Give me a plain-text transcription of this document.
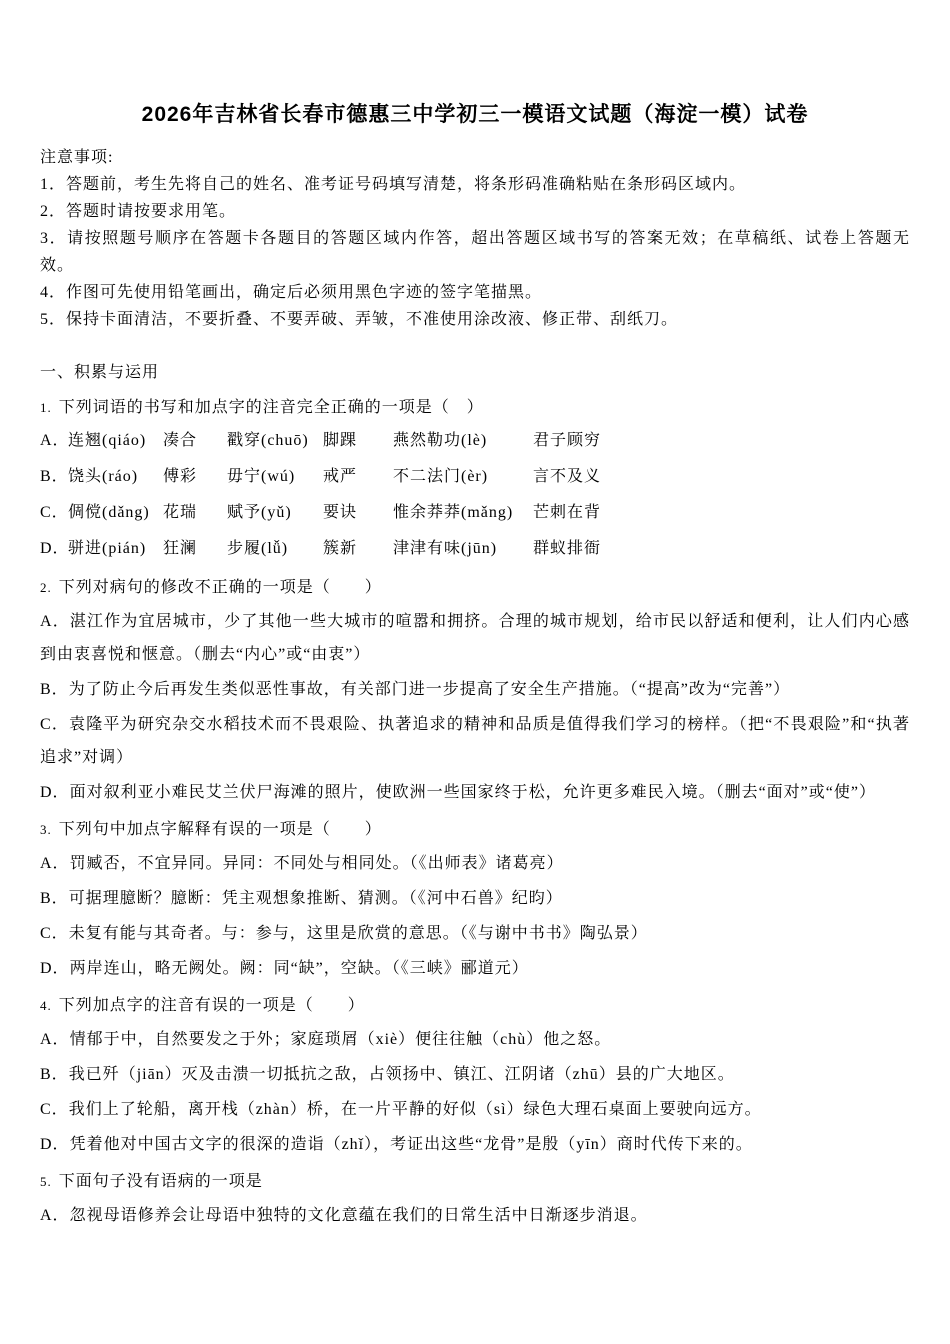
2026年吉林省长春市德惠三中学初三一模语文试题（海淀一模）试卷
注意事项:
1．答题前，考生先将自己的姓名、准考证号码填写清楚，将条形码准确粘贴在条形码区域内。
2．答题时请按要求用笔。
3．请按照题号顺序在答题卡各题目的答题区域内作答，超出答题区域书写的答案无效；在草稿纸、试卷上答题无效。
4．作图可先使用铅笔画出，确定后必须用黑色字迹的签字笔描黑。
5．保持卡面清洁，不要折叠、不要弄破、弄皱，不准使用涂改液、修正带、刮纸刀。
一、积累与运用
1. 下列词语的书写和加点字的注音完全正确的一项是（　）
A．
连翘(qiáo)	凑合	戳穿(chuō) 脚踝	燕然勒功(lè)	君子顾穷
B． 饶头(ráo)	傅彩	毋宁(wú)	戒严	不二法门(èr)	言不及义
C． 倜傥(dǎng) 花瑞	赋予(yǔ)	要诀	惟余莽莽(mǎng)	芒刺在背
D．
骈进(pián)	狂澜	步履(lǚ)	簇新	津津有味(jūn)	群蚁排衙
2. 下列对病句的修改不正确的一项是（　　）
A．湛江作为宜居城市，少了其他一些大城市的喧嚣和拥挤。合理的城市规划，给市民以舒适和便利，让人们内心感到由衷喜悦和惬意。（删去“内心”或“由衷”）
B．为了防止今后再发生类似恶性事故，有关部门进一步提高了安全生产措施。（“提高”改为“完善”）
C．袁隆平为研究杂交水稻技术而不畏艰险、执著追求的精神和品质是值得我们学习的榜样。（把“不畏艰险”和“执著追求”对调）
D．面对叙利亚小难民艾兰伏尸海滩的照片，使欧洲一些国家终于松，允许更多难民入境。（删去“面对”或“使”）
3. 下列句中加点字解释有误的一项是（　　）
A．罚臧否，不宜异同。异同：不同处与相同处。（《出师表》诸葛亮）
B．可据理臆断？臆断：凭主观想象推断、猜测。（《河中石兽》纪昀）
C．未复有能与其奇者。与：参与，这里是欣赏的意思。（《与谢中书书》陶弘景）
D．两岸连山，略无阙处。阙：同“缺”，空缺。（《三峡》郦道元）
4. 下列加点字的注音有误的一项是（　　）
A．情郁于中，自然要发之于外；家庭琐屑（xiè）便往往触（chù）他之怒。
B．我已歼（jiān）灭及击溃一切抵抗之敌，占领扬中、镇江、江阴诸（zhū）县的广大地区。
C．我们上了轮船，离开栈（zhàn）桥，在一片平静的好似（sì）绿色大理石桌面上要驶向远方。
D．凭着他对中国古文字的很深的造诣（zhǐ），考证出这些“龙骨”是殷（yīn）商时代传下来的。
5. 下面句子没有语病的一项是
A．忽视母语修养会让母语中独特的文化意蕴在我们的日常生活中日渐逐步消退。
